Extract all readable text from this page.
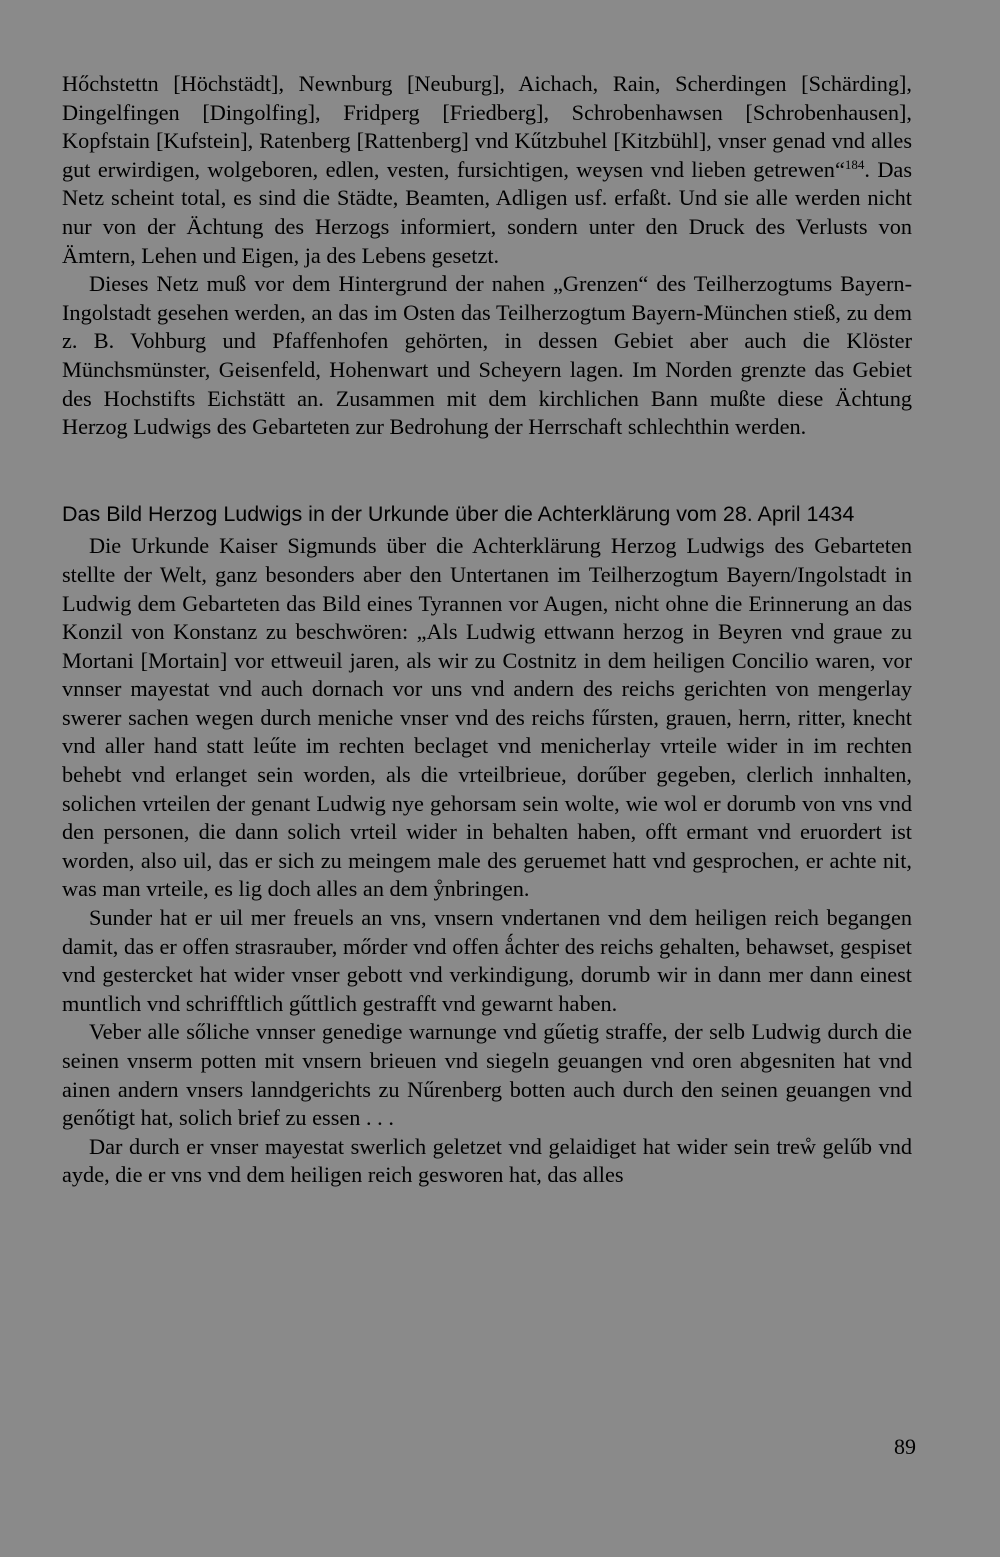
Hőchstettn [Höchstädt], Newnburg [Neuburg], Aichach, Rain, Scherdingen [Schärding], Dingelfingen [Dingolfing], Fridperg [Friedberg], Schrobenhawsen [Schrobenhausen], Kopfstain [Kufstein], Ratenberg [Rattenberg] vnd Kűtzbuhel [Kitzbühl], vnser genad vnd alles gut erwirdigen, wolgeboren, edlen, vesten, fursichtigen, weysen vnd lieben getrewen“$^{184}$. Das Netz scheint total, es sind die Städte, Beamten, Adligen usf. erfaßt. Und sie alle werden nicht nur von der Ächtung des Herzogs informiert, sondern unter den Druck des Verlusts von Ämtern, Lehen und Eigen, ja des Lebens gesetzt.

Dieses Netz muß vor dem Hintergrund der nahen „Grenzen“ des Teilherzogtums Bayern-Ingolstadt gesehen werden, an das im Osten das Teilherzogtum Bayern-München stieß, zu dem z. B. Vohburg und Pfaffenhofen gehörten, in dessen Gebiet aber auch die Klöster Münchsmünster, Geisenfeld, Hohenwart und Scheyern lagen. Im Norden grenzte das Gebiet des Hochstifts Eichstätt an. Zusammen mit dem kirchlichen Bann mußte diese Ächtung Herzog Ludwigs des Gebarteten zur Bedrohung der Herrschaft schlechthin werden.

Das Bild Herzog Ludwigs in der Urkunde über die Achterklärung vom 28. April 1434

Die Urkunde Kaiser Sigmunds über die Achterklärung Herzog Ludwigs des Gebarteten stellte der Welt, ganz besonders aber den Untertanen im Teilherzogtum Bayern/Ingolstadt in Ludwig dem Gebarteten das Bild eines Tyrannen vor Augen, nicht ohne die Erinnerung an das Konzil von Konstanz zu beschwören: „Als Ludwig ettwann herzog in Beyren vnd graue zu Mortani [Mortain] vor ettweuil jaren, als wir zu Costnitz in dem heiligen Concilio waren, vor vnnser mayestat vnd auch dornach vor uns vnd andern des reichs gerichten von mengerlay swerer sachen wegen durch meniche vnser vnd des reichs fűrsten, grauen, herrn, ritter, knecht vnd aller hand statt leűte im rechten beclaget vnd menicherlay vrteile wider in im rechten behebt vnd erlanget sein worden, als die vrteilbrieue, dorűber gegeben, clerlich innhalten, solichen vrteilen der genant Ludwig nye gehorsam sein wolte, wie wol er dorumb von vns vnd den personen, die dann solich vrteil wider in behalten haben, offt ermant vnd eruordert ist worden, also uil, das er sich zu meingem male des geruemet hatt vnd gesprochen, er achte nit, was man vrteile, es lig doch alles an dem ẙnbringen.

Sunder hat er uil mer freuels an vns, vnsern vndertanen vnd dem heiligen reich begangen damit, das er offen strasrauber, mőrder vnd offen ǻchter des reichs gehalten, behawset, gespiset vnd gestercket hat wider vnser gebott vnd verkindigung, dorumb wir in dann mer dann einest muntlich vnd schrifftlich gűttlich gestrafft vnd gewarnt haben.

Veber alle sőliche vnnser genedige warnunge vnd gűetig straffe, der selb Ludwig durch die seinen vnserm potten mit vnsern brieuen vnd siegeln geuangen vnd oren abgesniten hat vnd ainen andern vnsers lanndgerichts zu Nűrenberg botten auch durch den seinen geuangen vnd genőtigt hat, solich brief zu essen . . .

Dar durch er vnser mayestat swerlich geletzet vnd gelaidiget hat wider sein treẘ gelűb vnd ayde, die er vns vnd dem heiligen reich gesworen hat, das alles

89
